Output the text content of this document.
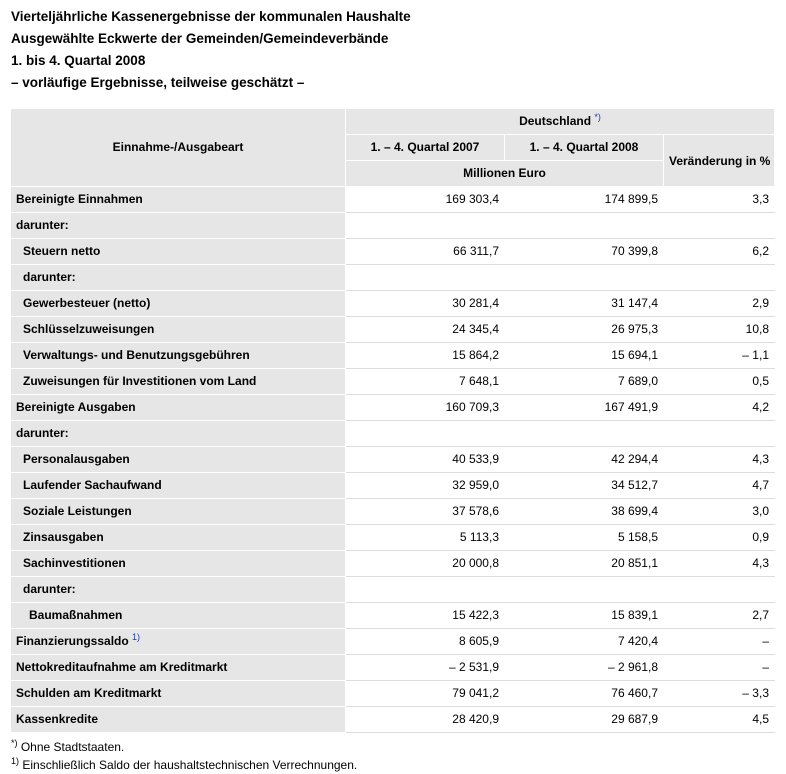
Vierteljährliche Kassenergebnisse der kommunalen Haushalte
Ausgewählte Eckwerte der Gemeinden/Gemeindeverbände
1. bis 4. Quartal 2008
– vorläufige Ergebnisse, teilweise geschätzt –
Einnahme-/Ausgabeart	Deutschland *)
	1. – 4. Quartal 2007	1. – 4. Quartal 2008	Veränderung in %
	Millionen Euro		
Bereinigte Einnahmen	169 303,4	174 899,5	3,3
darunter:			
Steuern netto	66 311,7	70 399,8	6,2
darunter:			
Gewerbesteuer (netto)	30 281,4	31 147,4	2,9
Schlüsselzuweisungen	24 345,4	26 975,3	10,8
Verwaltungs- und Benutzungsgebühren	15 864,2	15 694,1	– 1,1
Zuweisungen für Investitionen vom Land	7 648,1	7 689,0	0,5
Bereinigte Ausgaben	160 709,3	167 491,9	4,2
darunter:			
Personalausgaben	40 533,9	42 294,4	4,3
Laufender Sachaufwand	32 959,0	34 512,7	4,7
Soziale Leistungen	37 578,6	38 699,4	3,0
Zinsausgaben	5 113,3	5 158,5	0,9
Sachinvestitionen	20 000,8	20 851,1	4,3
darunter:			
Baumaßnahmen	15 422,3	15 839,1	2,7
Finanzierungssaldo $^{1)}$	8 605,9	7 420,4	–
Nettokreditaufnahme am Kreditmarkt	– 2 531,9	– 2 961,8	–
Schulden am Kreditmarkt	79 041,2	76 460,7	– 3,3
Kassenkredite	28 420,9	29 687,9	4,5
*) Ohne Stadtstaaten.
$^{1)}$ Einschließlich Saldo der haushaltstechnischen Verrechnungen.
